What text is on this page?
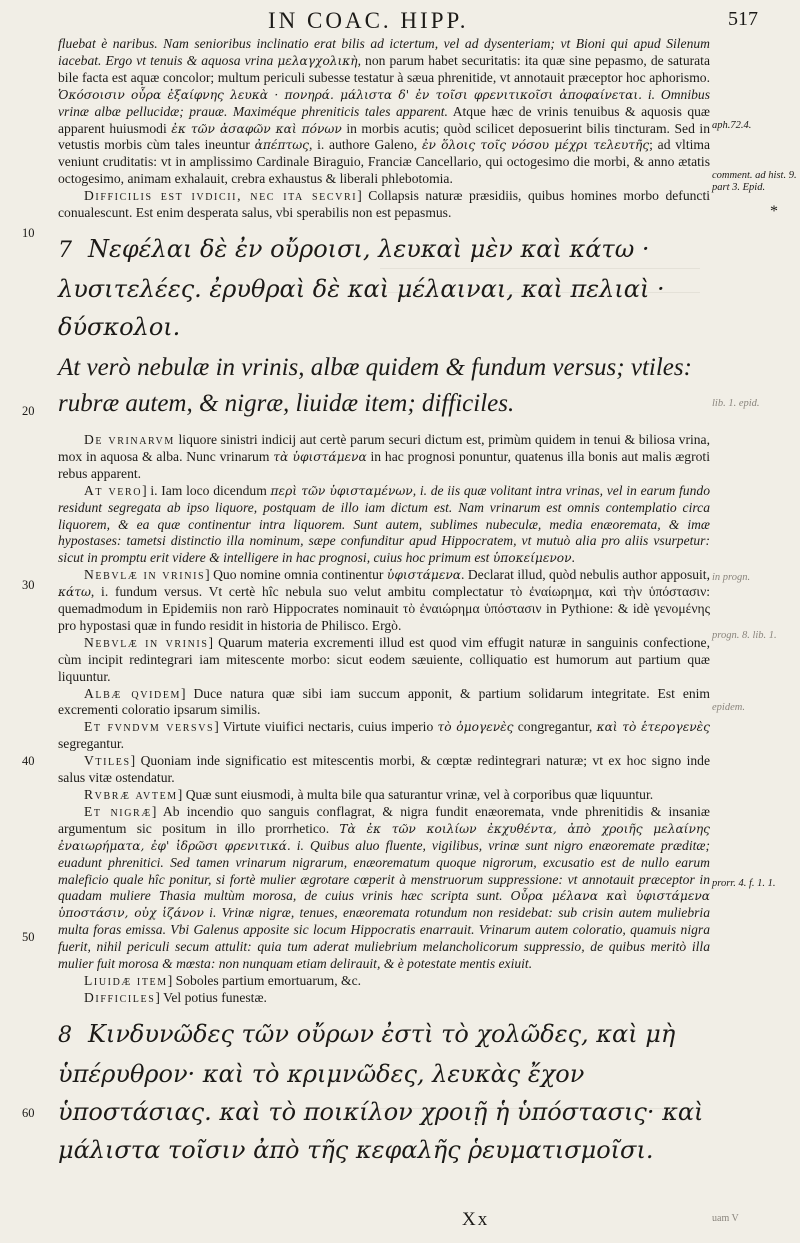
IN COAC. HIPP.	517

fluebat è naribus. Nam senioribus inclinatio erat bilis ad ictertum, vel ad dysenteriam; vt Bioni qui apud Silenum iacebat. Ergo vt tenuis & aquosa vrina μελαγχολικὴ, non parum habet securitatis: ita quæ sine pepasmo, de saturata bile facta est aquæ concolor; multum periculi subesse testatur à sæua phrenitide, vt annotauit præceptor hoc aphorismo. Ὁκόσοισιν οὖρα ἐξαίφνης λευκὰ · πονηρά. μάλιστα δ' ἐν τοῖσι φρενιτικοῖσι ἀποφαίνεται. i. Omnibus vrinæ albæ pellucidæ; prauæ. Maximéque phreniticis tales apparent. Atque hæc de vrinis tenuibus & aquosis quæ apparent huiusmodi ἐκ τῶν ἀσαφῶν καὶ πόνων in morbis acutis; quòd scilicet deposuerint bilis tincturam. Sed in vetustis morbis cùm tales ineuntur ἀπέπτως, i. authore Galeno, ἐν ὅλοις τοῖς νόσου μέχρι τελευτῆς; ad vltima veniunt cruditatis: vt in amplissimo Cardinale Biraguio, Franciæ Cancellario, qui octogesimo die morbi, & anno ætatis octogesimo, animam exhalauit, crebra exhaustus & liberali phlebotomia.

Difficilis est ivdicii, nec ita secvri] Collapsis naturæ præsidiis, quibus homines morbo defuncti conualescunt. Est enim desperata salus, vbi sperabilis non est pepasmus.

7 Νεφέλαι δὲ ἐν οὔροισι, λευκαὶ μὲν καὶ κάτω · λυσιτελέες. ἐρυθραὶ δὲ καὶ μέλαιναι, καὶ πελιαὶ · δύσκολοι.
At verò nebulæ in vrinis, albæ quidem & fundum versus; vtiles: rubræ autem, & nigræ, liuidæ item; difficiles.

De vrinarvm liquore sinistri indicij aut certè parum securi dictum est, primùm quidem in tenui & biliosa vrina, mox in aquosa & alba. Nunc vrinarum τὰ ὑφιστάμενα in hac prognosi ponuntur, quatenus illa bonis aut malis ægroti rebus apparent.

At vero] i. Iam loco dicendum περὶ τῶν ὑφισταμένων, i. de iis quæ volitant intra vrinas, vel in earum fundo residunt segregata ab ipso liquore, postquam de illo iam dictum est. Nam vrinarum est omnis contemplatio circa liquorem, & ea quæ continentur intra liquorem. Sunt autem, sublimes nubeculæ, media enæoremata, & imæ hypostases: tametsi distinctio illa nominum, sæpe confunditur apud Hippocratem, vt mutuò alia pro aliis vsurpetur: sicut in promptu erit videre & intelligere in hac prognosi, cuius hoc primum est ὑποκείμενον.

Nebvlæ in vrinis] Quo nomine omnia continentur ὑφιστάμενα. Declarat illud, quòd nebulis author apposuit, κάτω, i. fundum versus. Vt certè hîc nebula suo velut ambitu complectatur τὸ ἐναίωρημα, καὶ τὴν ὑπόστασιν: quemadmodum in Epidemiis non rarò Hippocrates nominauit τὸ ἐναιώρημα ὑπόστασιν in Pythione: & idè γενομένης pro hypostasi quæ in fundo residit in historia de Philisco. Ergò.

Nebvlæ in vrinis] Quarum materia excrementi illud est quod vim effugit naturæ in sanguinis confectione, cùm incipit redintegrari iam mitescente morbo: sicut eodem sæuiente, colliquatio est humorum aut partium quæ liquuntur.

Albæ qvidem] Duce natura quæ sibi iam succum apponit, & partium solidarum integritate. Est enim excrementi coloratio ipsarum similis.

Et fvndvm versvs] Virtute viuifici nectaris, cuius imperio τὸ ὁμογενὲς congregantur, καὶ τὸ ἑτερογενὲς segregantur.

Vtiles] Quoniam inde significatio est mitescentis morbi, & cœptæ redintegrari naturæ; vt ex hoc signo inde salus vitæ ostendatur.

Rvbræ avtem] Quæ sunt eiusmodi, à multa bile qua saturantur vrinæ, vel à corporibus quæ liquuntur.

Et nigræ] Ab incendio quo sanguis conflagrat, & nigra fundit enæoremata, vnde phrenitidis & insaniæ argumentum sic positum in illo prorrhetico. Τὰ ἐκ τῶν κοιλίων ἐκχυθέντα, ἀπὸ χροιῆς μελαίνης ἐναιωρήματα, ἐφ' ἱδρῶσι φρενιτικά. i. Quibus aluo fluente, vigilibus, vrinæ sunt nigro enæoremate præditæ; euadunt phrenitici. Sed tamen vrinarum nigrarum, enæorematum quoque nigrorum, excusatio est de nullo earum maleficio quale hîc ponitur, si fortè mulier ægrotare cœperit à menstruorum suppressione: vt annotauit præceptor in quadam muliere Thasia multùm morosa, de cuius vrinis hæc scripta sunt. Οὖρα μέλανα καὶ ὑφιστάμενα ὑποστάσιν, οὐχ ἱζάνον i. Vrinæ nigræ, tenues, enæoremata rotundum non residebat: sub crisin autem muliebria multa foras emissa. Vbi Galenus apposite sic locum Hippocratis enarrauit. Vrinarum autem coloratio, quamuis nigra fuerit, nihil periculi secum attulit: quia tum aderat muliebrium melancholicorum suppressio, de quibus meritò illa mulier fuit morosa & mœsta: non nunquam etiam delirauit, & è potestate mentis exiuit.

Liuidæ item] Soboles partium emortuarum, &c.

Difficiles] Vel potius funestæ.

8 Κινδυνῶδες τῶν οὔρων ἐστὶ τὸ χολῶδες, καὶ μὴ ὑπέρυθρον· καὶ τὸ κριμνῶδες, λευκὰς ἔχον ὑποστάσιας. καὶ τὸ ποικίλον χροιῇ ἡ ὑπόστασις· καὶ μάλιστα τοῖσιν ἀπὸ τῆς κεφαλῆς ῥευματισμοῖσι.
aph.72.4.
comment. ad hist. 9. part 3. Epid.
*
lib. 1. epid.
in progn.
progn. 8. lib. 1.
epidem.
prorr. 4. f. 1. 1.
10
20
30
40
50
60
uam V
Xx
